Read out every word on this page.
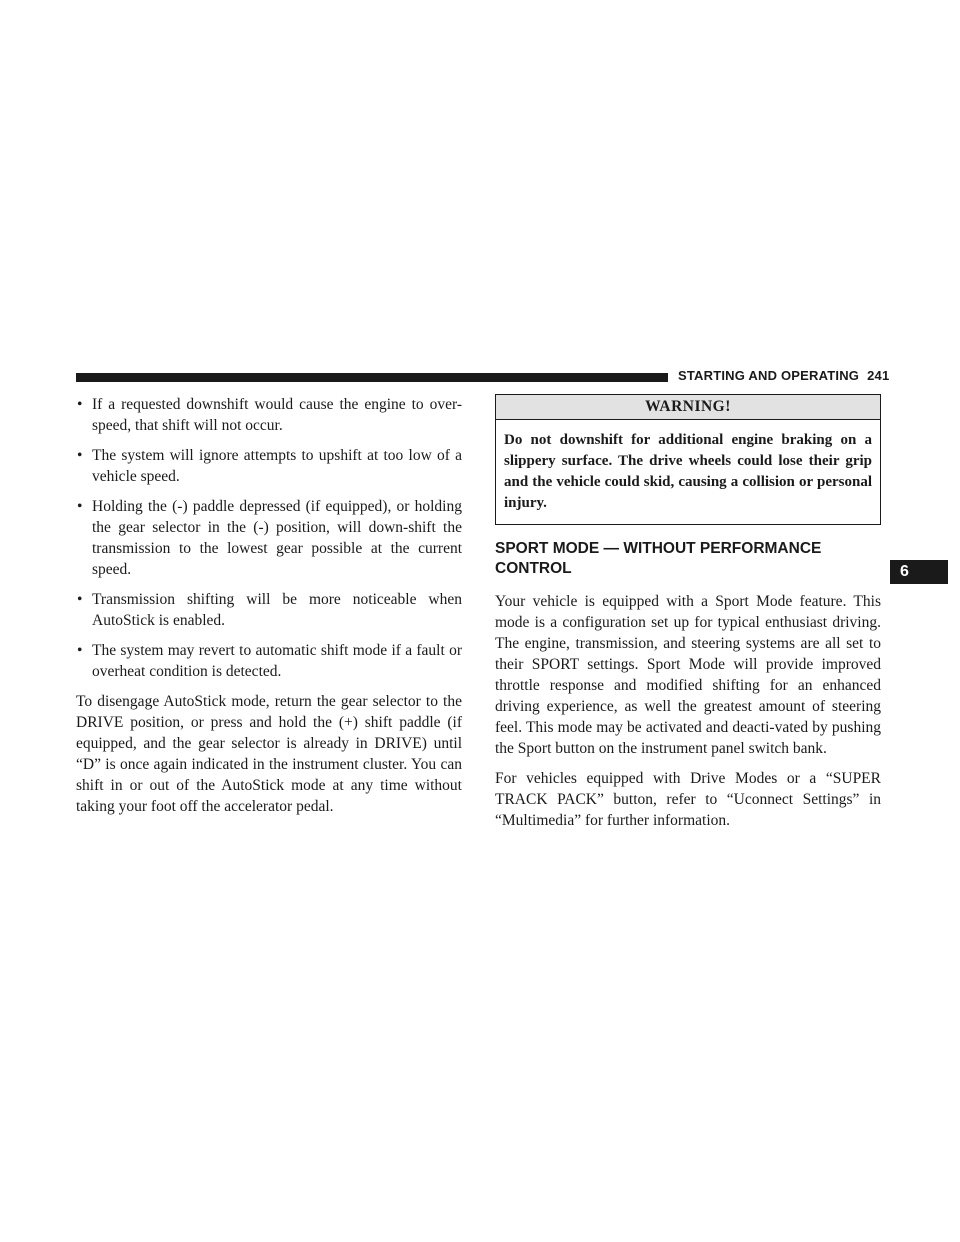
STARTING AND OPERATING 241
6
• If a requested downshift would cause the engine to over-speed, that shift will not occur.
• The system will ignore attempts to upshift at too low of a vehicle speed.
• Holding the (-) paddle depressed (if equipped), or holding the gear selector in the (-) position, will down-shift the transmission to the lowest gear possible at the current speed.
• Transmission shifting will be more noticeable when AutoStick is enabled.
• The system may revert to automatic shift mode if a fault or overheat condition is detected.

To disengage AutoStick mode, return the gear selector to the DRIVE position, or press and hold the (+) shift paddle (if equipped, and the gear selector is already in DRIVE) until “D” is once again indicated in the instrument cluster. You can shift in or out of the AutoStick mode at any time without taking your foot off the accelerator pedal.

WARNING!
Do not downshift for additional engine braking on a slippery surface. The drive wheels could lose their grip and the vehicle could skid, causing a collision or personal injury.
SPORT MODE — WITHOUT PERFORMANCE CONTROL

Your vehicle is equipped with a Sport Mode feature. This mode is a configuration set up for typical enthusiast driving. The engine, transmission, and steering systems are all set to their SPORT settings. Sport Mode will provide improved throttle response and modified shifting for an enhanced driving experience, as well the greatest amount of steering feel. This mode may be activated and deacti-vated by pushing the Sport button on the instrument panel switch bank.

For vehicles equipped with Drive Modes or a “SUPER TRACK PACK” button, refer to “Uconnect Settings” in “Multimedia” for further information.
